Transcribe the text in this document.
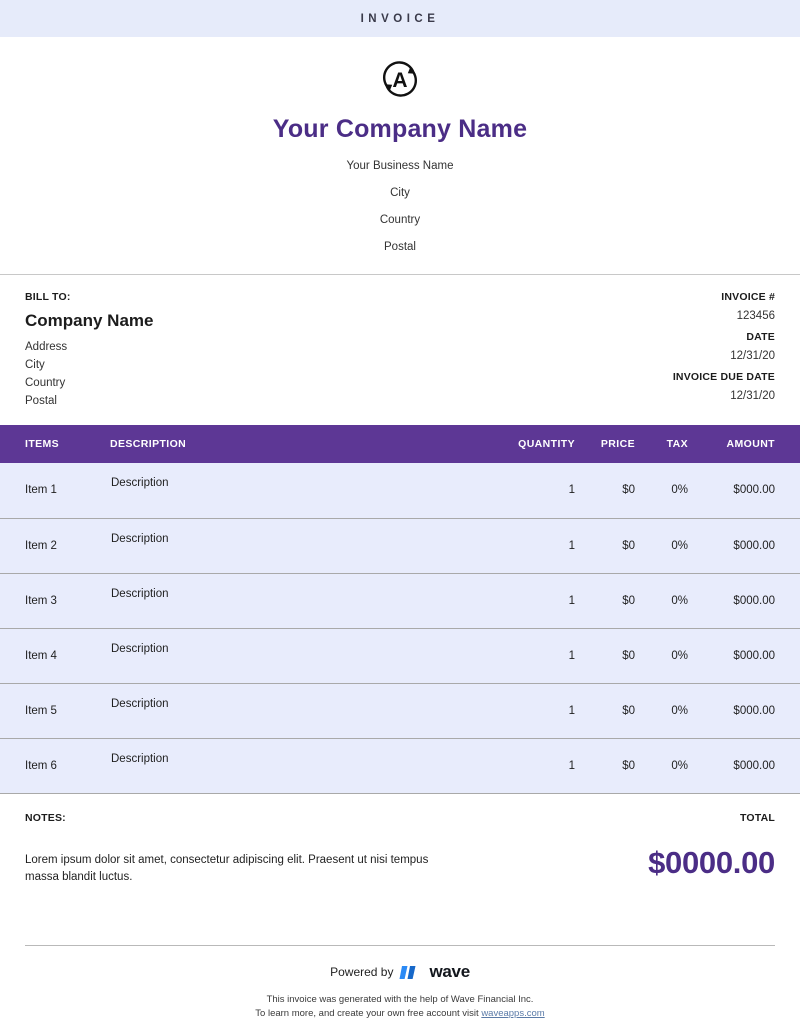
INVOICE
A
Your Company Name
Your Business Name
City
Country
Postal
BILL TO:
Company Name
Address
City
Country
Postal
INVOICE #
123456
DATE
12/31/20
INVOICE DUE DATE
12/31/20
ITEMS	DESCRIPTION	QUANTITY	PRICE	TAX	AMOUNT
Item 1	Description	1	$0	0%	$000.00
Item 2	Description	1	$0	0%	$000.00
Item 3	Description	1	$0	0%	$000.00
Item 4	Description	1	$0	0%	$000.00
Item 5	Description	1	$0	0%	$000.00
Item 6	Description	1	$0	0%	$000.00
NOTES:
Lorem ipsum dolor sit amet, consectetur adipiscing elit. Praesent ut nisi tempus massa blandit luctus.
TOTAL
$0000.00
Powered by wave
This invoice was generated with the help of Wave Financial Inc.
To learn more, and create your own free account visit waveapps.com
